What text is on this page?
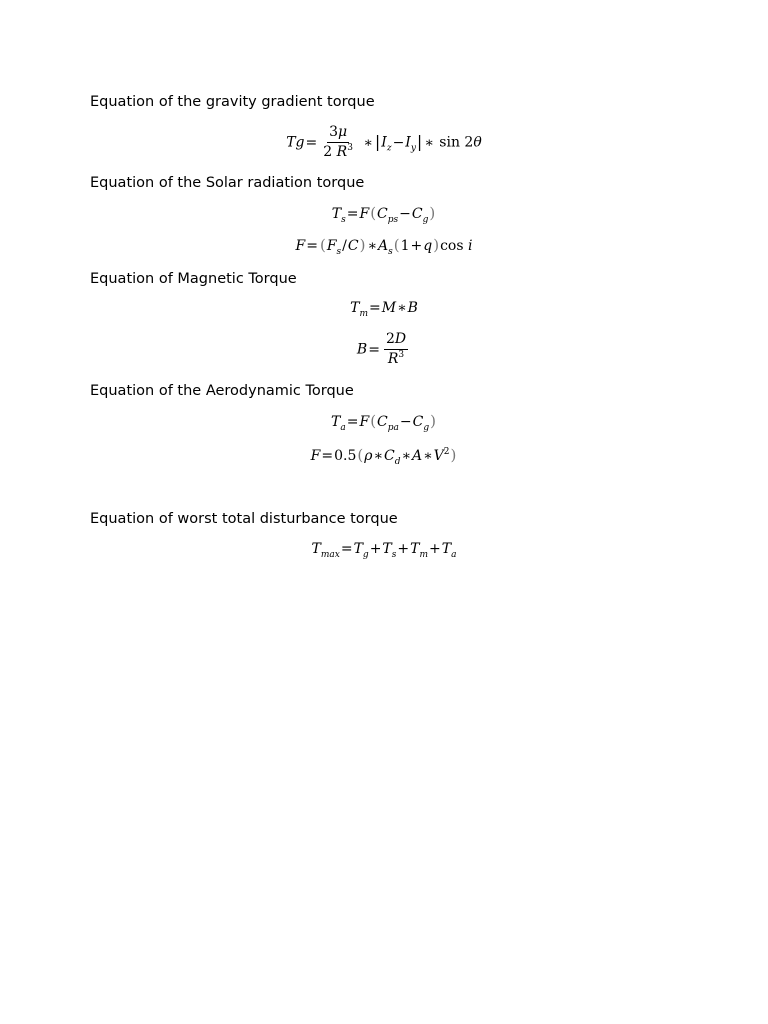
Equation of the gravity gradient torque
$Tg= \frac{3\mu}{2 R^3}$ ∗ $|I_z-I_y|$ ∗ sin 2θ
Equation of the Solar radiation torque
$T_s=F(C_{ps}-C_g)$
$F= (F_s/C)$ $∗A_s(1+q)\cos$ i
Equation of Magnetic Torque
$T_m=M∗B$
$B= \frac{2D}{R^3}$
Equation of the Aerodynamic Torque
$T_a=F(C_{pa}-C_g)$
$F=0.5(\rho∗C_d∗A∗V^2)$
Equation of worst total disturbance torque
$T_{max}=T_g+T_s+T_m+T_a$
